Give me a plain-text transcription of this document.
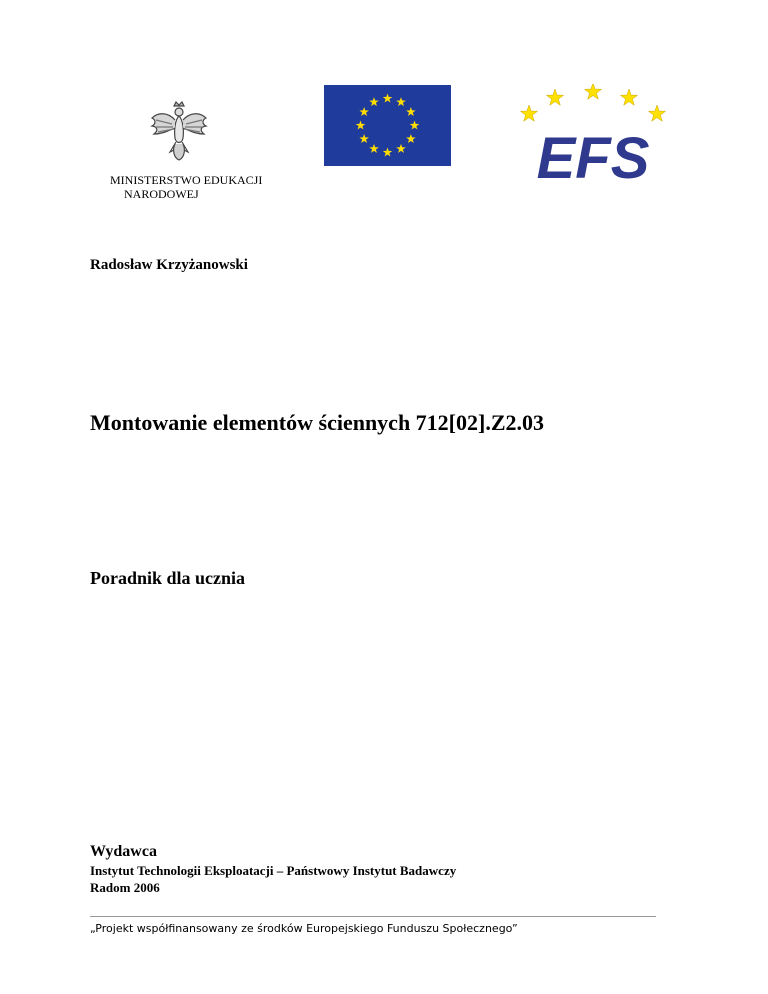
MINISTERSTWO EDUKACJI
NARODOWEJ
EFS
Radosław Krzyżanowski
Montowanie elementów ściennych 712[02].Z2.03
Poradnik dla ucznia
Wydawca
Instytut Technologii Eksploatacji – Państwowy Instytut Badawczy
Radom 2006
„Projekt współfinansowany ze środków Europejskiego Funduszu Społecznego”
